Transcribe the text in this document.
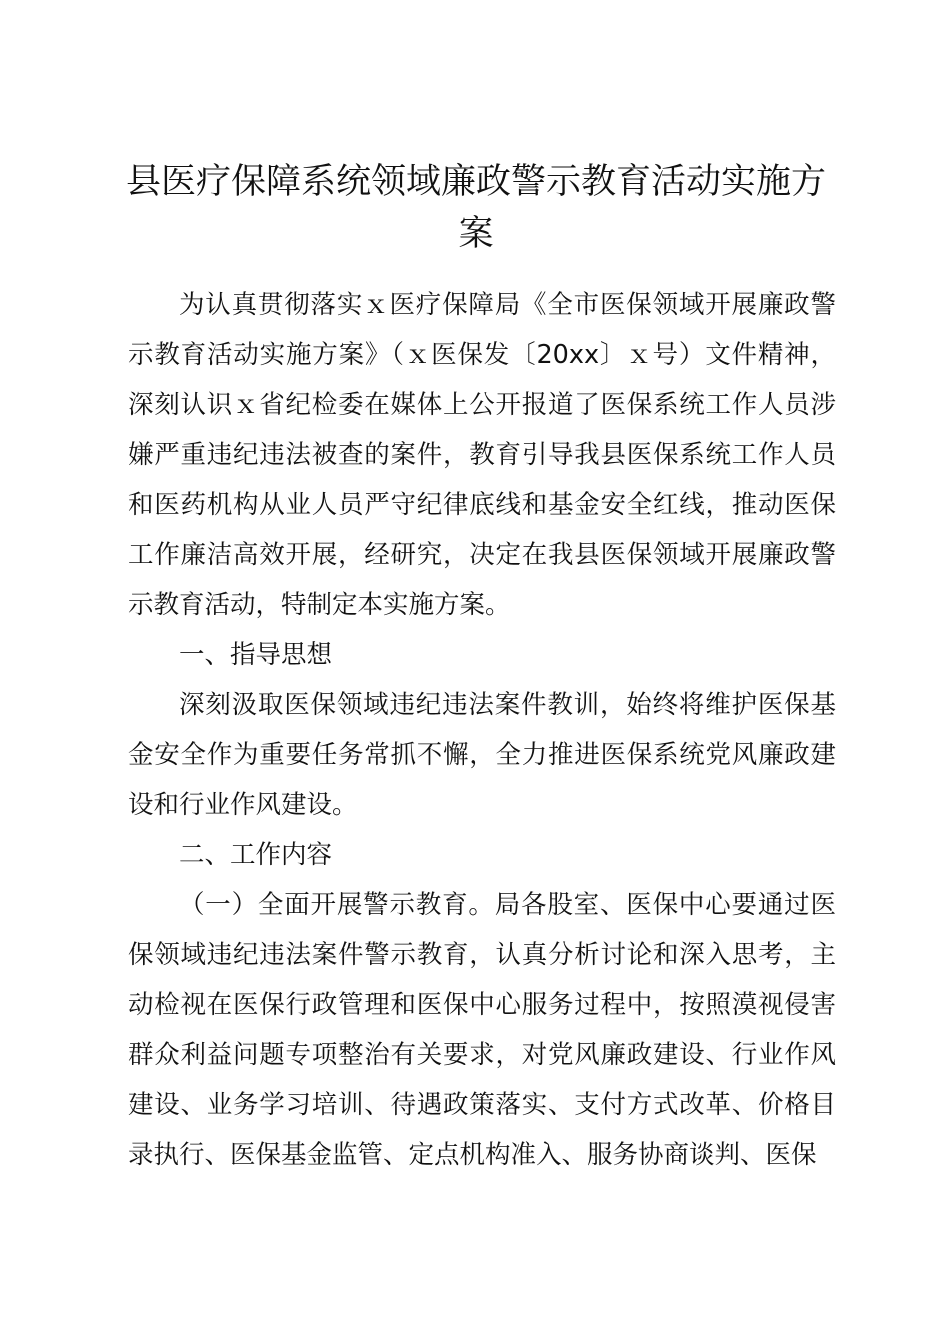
县医疗保障系统领域廉政警示教育活动实施方案

为认真贯彻落实ｘ医疗保障局《全市医保领域开展廉政警示教育活动实施方案》（ｘ医保发〔20xx〕ｘ号）文件精神，深刻认识ｘ省纪检委在媒体上公开报道了医保系统工作人员涉嫌严重违纪违法被查的案件，教育引导我县医保系统工作人员和医药机构从业人员严守纪律底线和基金安全红线，推动医保工作廉洁高效开展，经研究，决定在我县医保领域开展廉政警示教育活动，特制定本实施方案。

一、指导思想

深刻汲取医保领域违纪违法案件教训，始终将维护医保基金安全作为重要任务常抓不懈，全力推进医保系统党风廉政建设和行业作风建设。

二、工作内容

（一）全面开展警示教育。局各股室、医保中心要通过医保领域违纪违法案件警示教育，认真分析讨论和深入思考，主动检视在医保行政管理和医保中心服务过程中，按照漠视侵害群众利益问题专项整治有关要求，对党风廉政建设、行业作风建设、业务学习培训、待遇政策落实、支付方式改革、价格目录执行、医保基金监管、定点机构准入、服务协商谈判、医保
